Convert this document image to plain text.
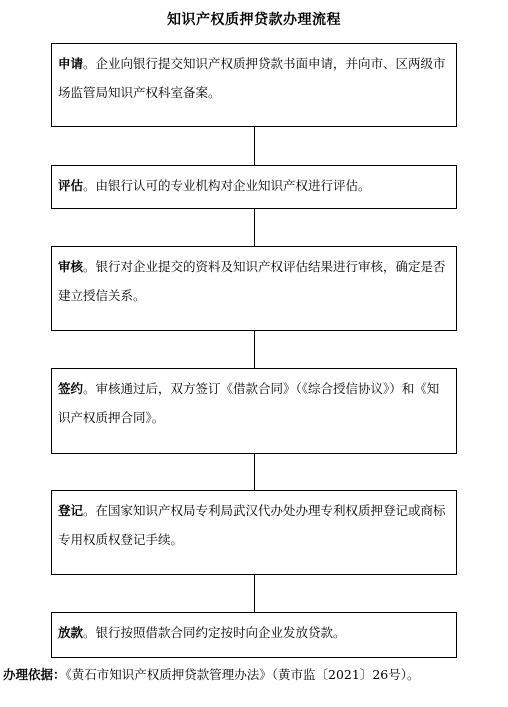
知识产权质押贷款办理流程
申请。企业向银行提交知识产权质押贷款书面申请，并向市、区两级市场监管局知识产权科室备案。
评估。由银行认可的专业机构对企业知识产权进行评估。
审核。银行对企业提交的资料及知识产权评估结果进行审核，确定是否建立授信关系。
签约。审核通过后，双方签订《借款合同》（《综合授信协议》）和《知识产权质押合同》。
登记。在国家知识产权局专利局武汉代办处办理专利权质押登记或商标专用权质权登记手续。
放款。银行按照借款合同约定按时向企业发放贷款。
办理依据：《黄石市知识产权质押贷款管理办法》（黄市监〔2021〕26号）。
